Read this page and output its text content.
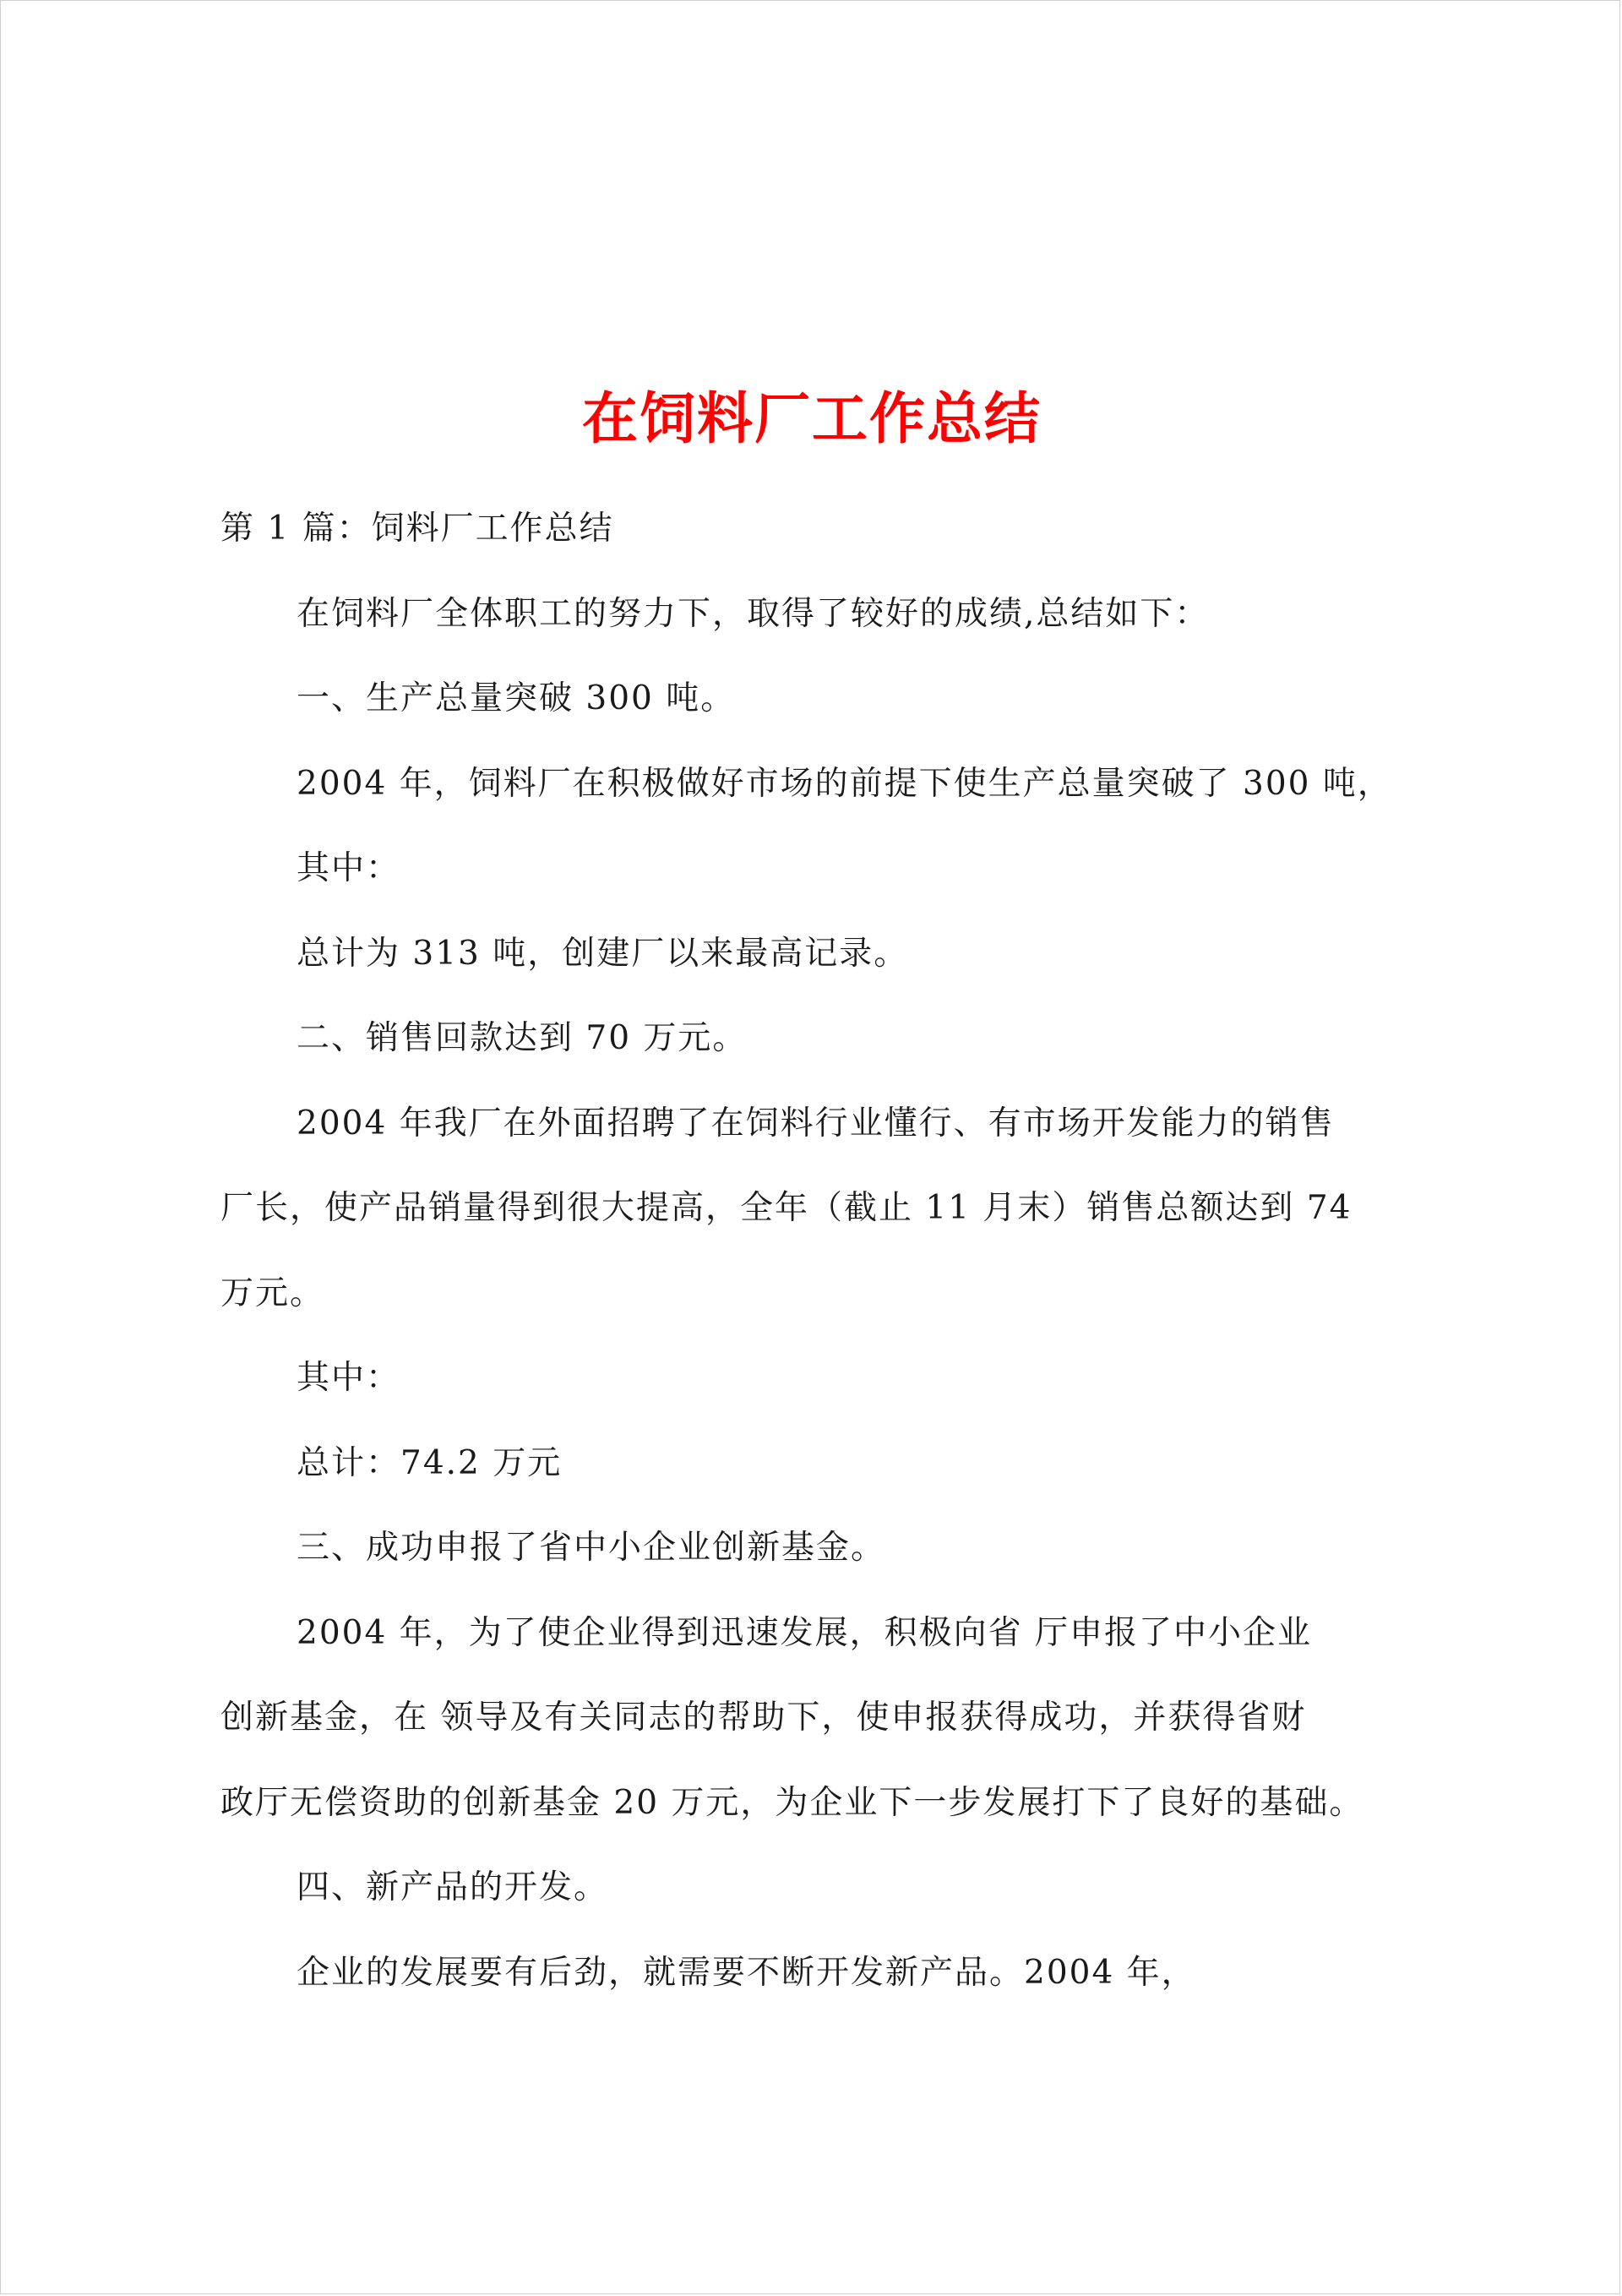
在饲料厂工作总结

第 1 篇：饲料厂工作总结

在饲料厂全体职工的努力下，取得了较好的成绩,总结如下：

一、生产总量突破 300 吨。

2004 年，饲料厂在积极做好市场的前提下使生产总量突破了 300 吨，

其中：

总计为 313 吨，创建厂以来最高记录。

二、销售回款达到 70 万元。

2004 年我厂在外面招聘了在饲料行业懂行、有市场开发能力的销售

厂长，使产品销量得到很大提高，全年（截止 11 月末）销售总额达到 74

万元。

其中：

总计：74.2 万元

三、成功申报了省中小企业创新基金。

2004 年，为了使企业得到迅速发展，积极向省 厅申报了中小企业

创新基金，在 领导及有关同志的帮助下，使申报获得成功，并获得省财

政厅无偿资助的创新基金 20 万元，为企业下一步发展打下了良好的基础。

四、新产品的开发。

企业的发展要有后劲，就需要不断开发新产品。2004 年，
